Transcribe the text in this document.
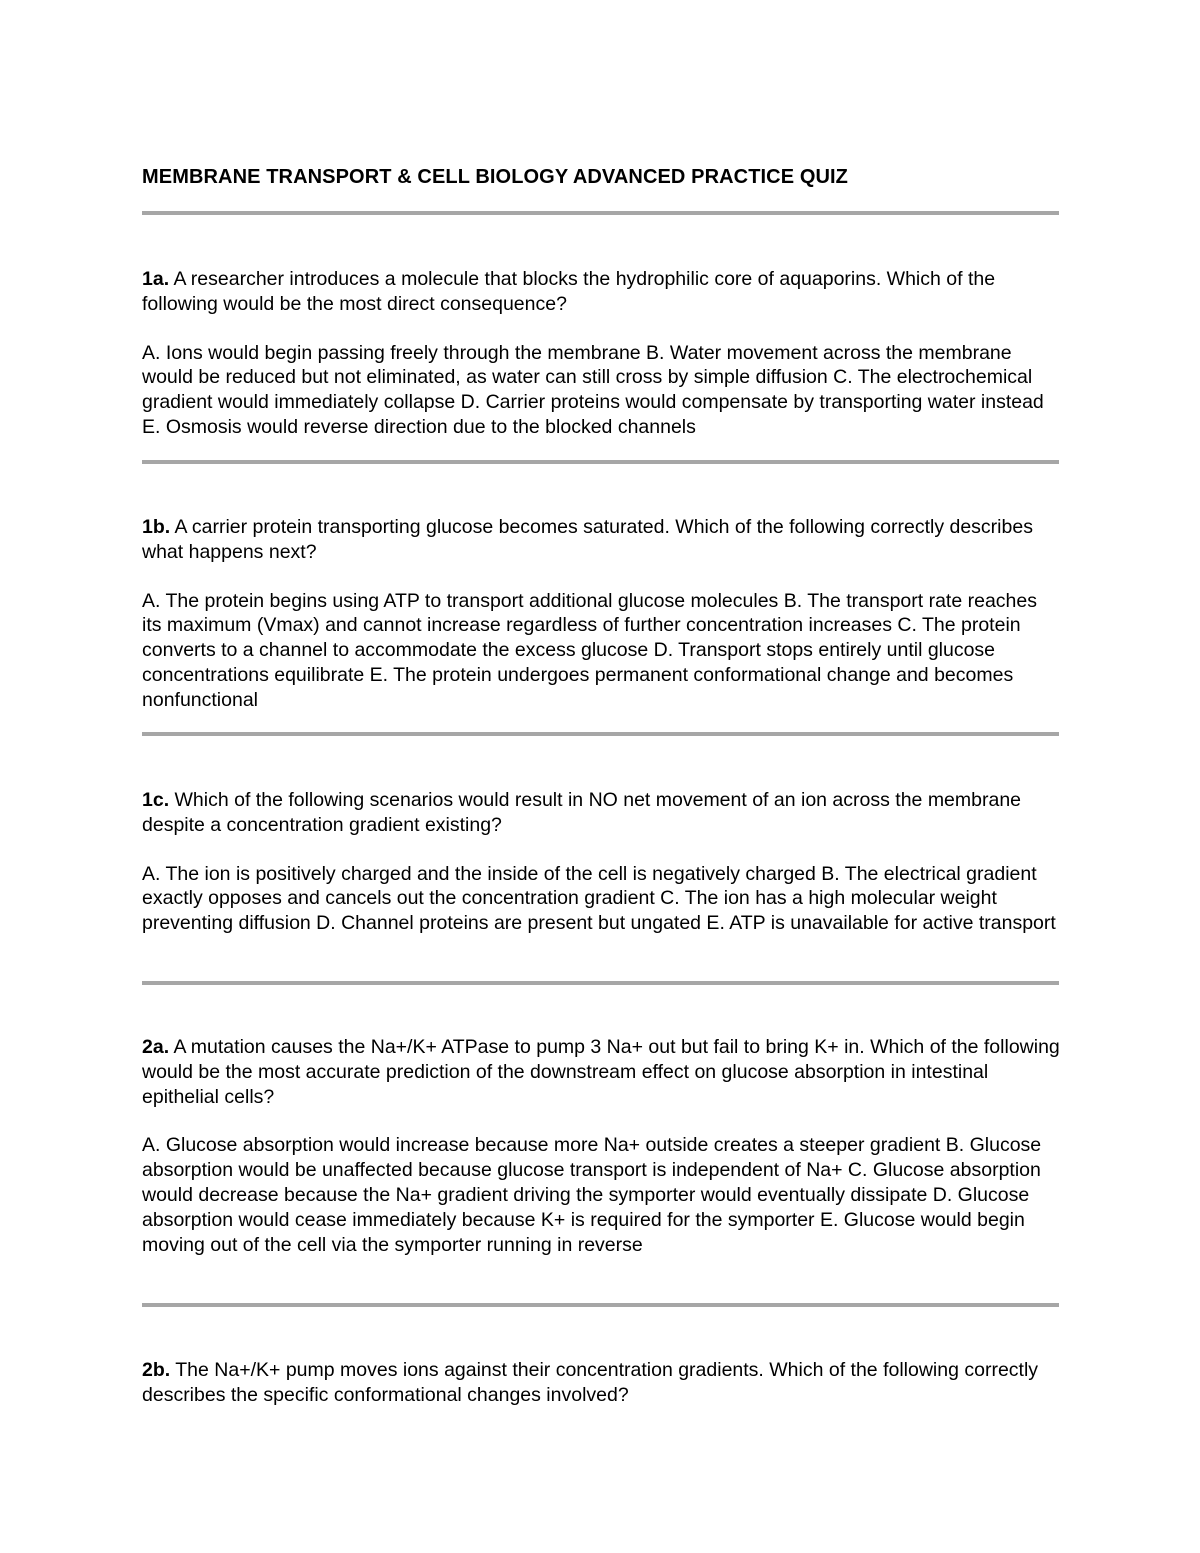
MEMBRANE TRANSPORT & CELL BIOLOGY ADVANCED PRACTICE QUIZ

1a. A researcher introduces a molecule that blocks the hydrophilic core of aquaporins. Which of the following would be the most direct consequence?

A. Ions would begin passing freely through the membrane B. Water movement across the membrane would be reduced but not eliminated, as water can still cross by simple diffusion C. The electrochemical gradient would immediately collapse D. Carrier proteins would compensate by transporting water instead E. Osmosis would reverse direction due to the blocked channels

1b. A carrier protein transporting glucose becomes saturated. Which of the following correctly describes what happens next?

A. The protein begins using ATP to transport additional glucose molecules B. The transport rate reaches its maximum (Vmax) and cannot increase regardless of further concentration increases C. The protein converts to a channel to accommodate the excess glucose D. Transport stops entirely until glucose concentrations equilibrate E. The protein undergoes permanent conformational change and becomes nonfunctional

1c. Which of the following scenarios would result in NO net movement of an ion across the membrane despite a concentration gradient existing?

A. The ion is positively charged and the inside of the cell is negatively charged B. The electrical gradient exactly opposes and cancels out the concentration gradient C. The ion has a high molecular weight preventing diffusion D. Channel proteins are present but ungated E. ATP is unavailable for active transport

2a. A mutation causes the Na+/K+ ATPase to pump 3 Na+ out but fail to bring K+ in. Which of the following would be the most accurate prediction of the downstream effect on glucose absorption in intestinal epithelial cells?

A. Glucose absorption would increase because more Na+ outside creates a steeper gradient B. Glucose absorption would be unaffected because glucose transport is independent of Na+ C. Glucose absorption would decrease because the Na+ gradient driving the symporter would eventually dissipate D. Glucose absorption would cease immediately because K+ is required for the symporter E. Glucose would begin moving out of the cell via the symporter running in reverse

2b. The Na+/K+ pump moves ions against their concentration gradients. Which of the following correctly describes the specific conformational changes involved?
